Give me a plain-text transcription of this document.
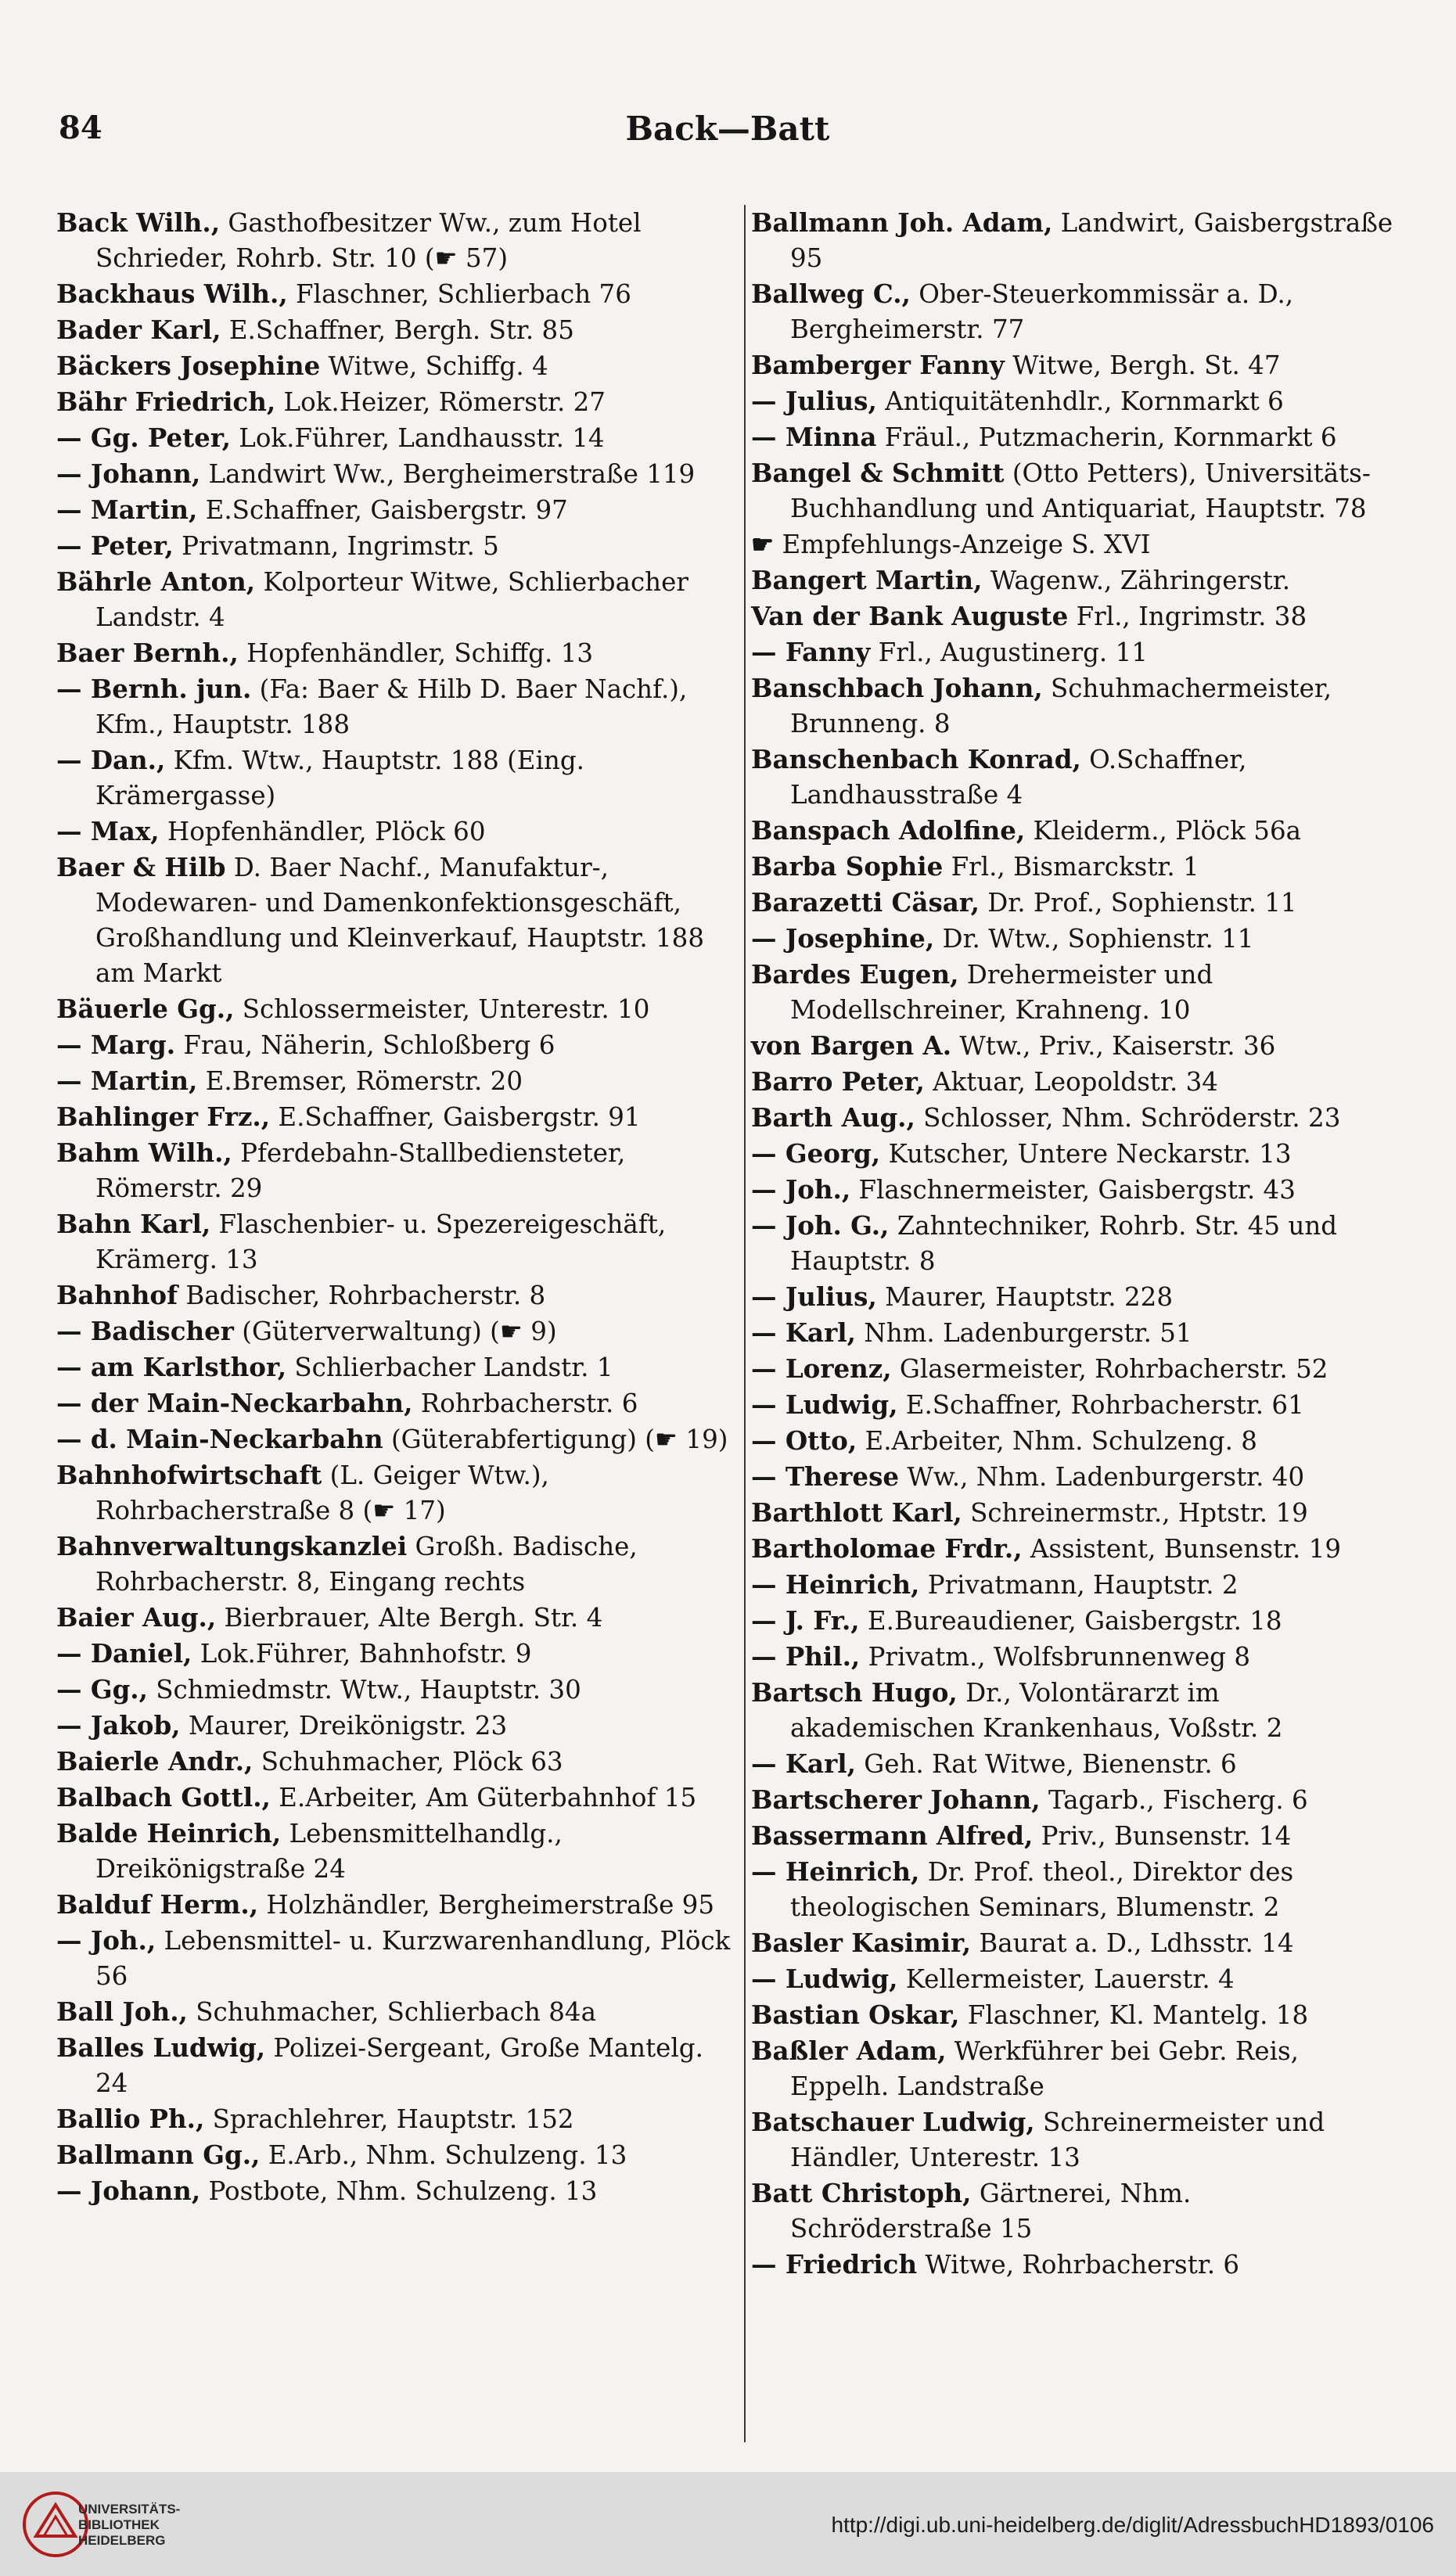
84	Back—Batt
Back Wilh., Gasthofbesitzer Ww., zum Hotel Schrieder, Rohrb. Str. 10 (☛ 57)
Backhaus Wilh., Flaschner, Schlierbach 76
Bader Karl, E.Schaffner, Bergh. Str. 85
Bäckers Josephine Witwe, Schiffg. 4
Bähr Friedrich, Lok.Heizer, Römerstr. 27
— Gg. Peter, Lok.Führer, Landhausstr. 14
— Johann, Landwirt Ww., Bergheimerstraße 119
— Martin, E.Schaffner, Gaisbergstr. 97
— Peter, Privatmann, Ingrimstr. 5
Bährle Anton, Kolporteur Witwe, Schlierbacher Landstr. 4
Baer Bernh., Hopfenhändler, Schiffg. 13
— Bernh. jun. (Fa: Baer & Hilb D. Baer Nachf.), Kfm., Hauptstr. 188
— Dan., Kfm. Wtw., Hauptstr. 188 (Eing. Krämergasse)
— Max, Hopfenhändler, Plöck 60
Baer & Hilb D. Baer Nachf., Manufaktur-, Modewaren- und Damenkonfektionsgeschäft, Großhandlung und Kleinverkauf, Hauptstr. 188 am Markt
Bäuerle Gg., Schlossermeister, Unterestr. 10
— Marg. Frau, Näherin, Schloßberg 6
— Martin, E.Bremser, Römerstr. 20
Bahlinger Frz., E.Schaffner, Gaisbergstr. 91
Bahm Wilh., Pferdebahn-Stallbediensteter, Römerstr. 29
Bahn Karl, Flaschenbier- u. Spezereigeschäft, Krämerg. 13
Bahnhof Badischer, Rohrbacherstr. 8
— Badischer (Güterverwaltung) (☛ 9)
— am Karlsthor, Schlierbacher Landstr. 1
— der Main-Neckarbahn, Rohrbacherstr. 6
— d. Main-Neckarbahn (Güterabfertigung) (☛ 19)
Bahnhofwirtschaft (L. Geiger Wtw.), Rohrbacherstraße 8 (☛ 17)
Bahnverwaltungskanzlei Großh. Badische, Rohrbacherstr. 8, Eingang rechts
Baier Aug., Bierbrauer, Alte Bergh. Str. 4
— Daniel, Lok.Führer, Bahnhofstr. 9
— Gg., Schmiedmstr. Wtw., Hauptstr. 30
— Jakob, Maurer, Dreikönigstr. 23
Baierle Andr., Schuhmacher, Plöck 63
Balbach Gottl., E.Arbeiter, Am Güterbahnhof 15
Balde Heinrich, Lebensmittelhandlg., Dreikönigstraße 24
Balduf Herm., Holzhändler, Bergheimerstraße 95
— Joh., Lebensmittel- u. Kurzwarenhandlung, Plöck 56
Ball Joh., Schuhmacher, Schlierbach 84a
Balles Ludwig, Polizei-Sergeant, Große Mantelg. 24
Ballio Ph., Sprachlehrer, Hauptstr. 152
Ballmann Gg., E.Arb., Nhm. Schulzeng. 13
— Johann, Postbote, Nhm. Schulzeng. 13
Ballmann Joh. Adam, Landwirt, Gaisbergstraße 95
Ballweg C., Ober-Steuerkommissär a. D., Bergheimerstr. 77
Bamberger Fanny Witwe, Bergh. St. 47
— Julius, Antiquitätenhdlr., Kornmarkt 6
— Minna Fräul., Putzmacherin, Kornmarkt 6
Bangel & Schmitt (Otto Petters), Universitäts-Buchhandlung und Antiquariat, Hauptstr. 78
☛ Empfehlungs-Anzeige S. XVI
Bangert Martin, Wagenw., Zähringerstr.
Van der Bank Auguste Frl., Ingrimstr. 38
— Fanny Frl., Augustinerg. 11
Banschbach Johann, Schuhmachermeister, Brunneng. 8
Banschenbach Konrad, O.Schaffner, Landhausstraße 4
Banspach Adolfine, Kleiderm., Plöck 56a
Barba Sophie Frl., Bismarckstr. 1
Barazetti Cäsar, Dr. Prof., Sophienstr. 11
— Josephine, Dr. Wtw., Sophienstr. 11
Bardes Eugen, Drehermeister und Modellschreiner, Krahneng. 10
von Bargen A. Wtw., Priv., Kaiserstr. 36
Barro Peter, Aktuar, Leopoldstr. 34
Barth Aug., Schlosser, Nhm. Schröderstr. 23
— Georg, Kutscher, Untere Neckarstr. 13
— Joh., Flaschnermeister, Gaisbergstr. 43
— Joh. G., Zahntechniker, Rohrb. Str. 45 und Hauptstr. 8
— Julius, Maurer, Hauptstr. 228
— Karl, Nhm. Ladenburgerstr. 51
— Lorenz, Glasermeister, Rohrbacherstr. 52
— Ludwig, E.Schaffner, Rohrbacherstr. 61
— Otto, E.Arbeiter, Nhm. Schulzeng. 8
— Therese Ww., Nhm. Ladenburgerstr. 40
Barthlott Karl, Schreinermstr., Hptstr. 19
Bartholomae Frdr., Assistent, Bunsenstr. 19
— Heinrich, Privatmann, Hauptstr. 2
— J. Fr., E.Bureaudiener, Gaisbergstr. 18
— Phil., Privatm., Wolfsbrunnenweg 8
Bartsch Hugo, Dr., Volontärarzt im akademischen Krankenhaus, Voßstr. 2
— Karl, Geh. Rat Witwe, Bienenstr. 6
Bartscherer Johann, Tagarb., Fischerg. 6
Bassermann Alfred, Priv., Bunsenstr. 14
— Heinrich, Dr. Prof. theol., Direktor des theologischen Seminars, Blumenstr. 2
Basler Kasimir, Baurat a. D., Ldhsstr. 14
— Ludwig, Kellermeister, Lauerstr. 4
Bastian Oskar, Flaschner, Kl. Mantelg. 18
Baßler Adam, Werkführer bei Gebr. Reis, Eppelh. Landstraße
Batschauer Ludwig, Schreinermeister und Händler, Unterestr. 13
Batt Christoph, Gärtnerei, Nhm. Schröderstraße 15
— Friedrich Witwe, Rohrbacherstr. 6
UNIVERSITÄTS-
BIBLIOTHEK
HEIDELBERG
http://digi.ub.uni-heidelberg.de/diglit/AdressbuchHD1893/0106
